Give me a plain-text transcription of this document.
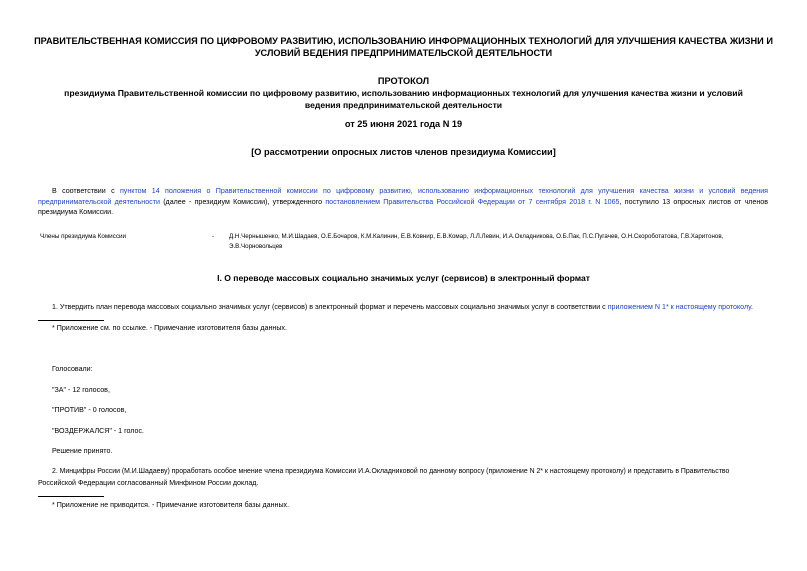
ПРАВИТЕЛЬСТВЕННАЯ КОМИССИЯ ПО ЦИФРОВОМУ РАЗВИТИЮ, ИСПОЛЬЗОВАНИЮ ИНФОРМАЦИОННЫХ ТЕХНОЛОГИЙ ДЛЯ УЛУЧШЕНИЯ КАЧЕСТВА ЖИЗНИ И
УСЛОВИЙ ВЕДЕНИЯ ПРЕДПРИНИМАТЕЛЬСКОЙ ДЕЯТЕЛЬНОСТИ
ПРОТОКОЛ
президиума Правительственной комиссии по цифровому развитию, использованию информационных технологий для улучшения качества жизни и условий
ведения предпринимательской деятельности
от 25 июня 2021 года N 19
[О рассмотрении опросных листов членов президиума Комиссии]
В соответствии с пунктом 14 положения о Правительственной комиссии по цифровому развитию, использованию информационных технологий для улучшения качества жизни и условий ведения предпринимательской деятельности (далее - президиум Комиссии), утвержденного постановлением Правительства Российской Федерации от 7 сентября 2018 г. N 1065, поступило 13 опросных листов от членов президиума Комиссии.
Члены президиума Комиссии	- Д.Н.Чернышенко, М.И.Шадаев, О.Е.Бочаров, К.М.Калинин, Е.В.Ковнир, Е.В.Комар, Л.Л.Левин, И.А.Окладникова, О.Б.Пак, П.С.Пугачев, О.Н.Скороботатова, Г.В.Харитонов,
Э.В.Чорновольцев
I. О переводе массовых социально значимых услуг (сервисов) в электронный формат
1. Утвердить план перевода массовых социально значимых услуг (сервисов) в электронный формат и перечень массовых социально значимых услуг в соответствии с приложением N 1* к настоящему протоколу.
* Приложение см. по ссылке. - Примечание изготовителя базы данных.
Голосовали:
"ЗА" - 12 голосов,
"ПРОТИВ" - 0 голосов,
"ВОЗДЕРЖАЛСЯ" - 1 голос.
Решение принято.
2. Минцифры России (М.И.Шадаеву) проработать особое мнение члена президиума Комиссии И.А.Окладниковой по данному вопросу (приложение N 2* к настоящему протоколу) и представить в Правительство
Российской Федерации согласованный Минфином России доклад.
* Приложение не приводится. - Примечание изготовителя базы данных.
